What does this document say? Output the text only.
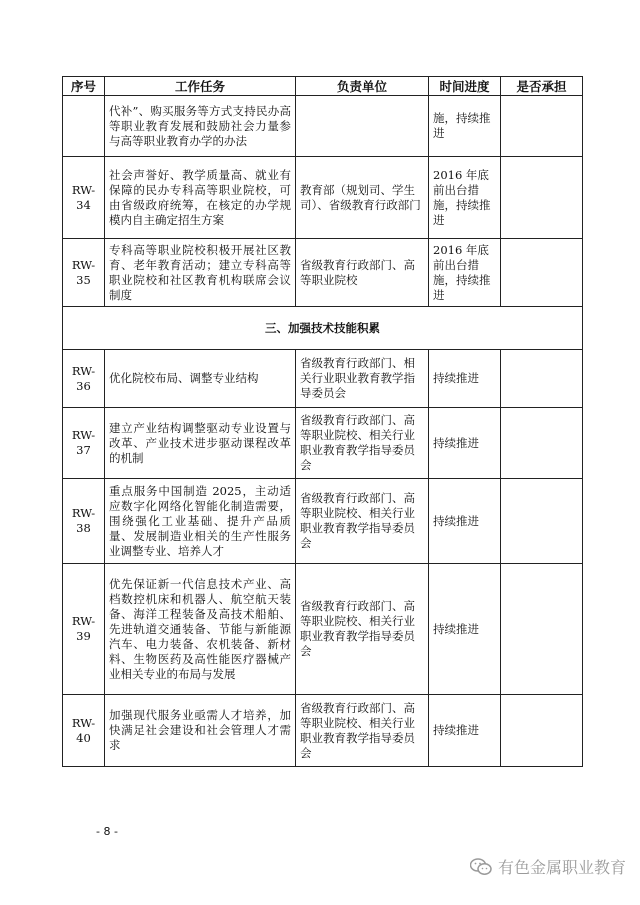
序号	工作任务	负责单位	时间进度	是否承担
	代补”、购买服务等方式支持民办高等职业教育发展和鼓励社会力量参与高等职业教育办学的办法		施，持续推进	
RW-34	社会声誉好、教学质量高、就业有保障的民办专科高等职业院校，可由省级政府统筹，在核定的办学规模内自主确定招生方案	教育部（规划司、学生司）、省级教育行政部门	2016 年底前出台措施，持续推进	
RW-35	专科高等职业院校积极开展社区教育、老年教育活动；建立专科高等职业院校和社区教育机构联席会议制度	省级教育行政部门、高等职业院校	2016 年底前出台措施，持续推进	
三、加强技术技能积累				
RW-36	优化院校布局、调整专业结构	省级教育行政部门、相关行业职业教育教学指导委员会	持续推进	
RW-37	建立产业结构调整驱动专业设置与改革、产业技术进步驱动课程改革的机制	省级教育行政部门、高等职业院校、相关行业职业教育教学指导委员会	持续推进	
RW-38	重点服务中国制造 2025，主动适应数字化网络化智能化制造需要，围绕强化工业基础、提升产品质量、发展制造业相关的生产性服务业调整专业、培养人才	省级教育行政部门、高等职业院校、相关行业职业教育教学指导委员会	持续推进	
RW-39	优先保证新一代信息技术产业、高档数控机床和机器人、航空航天装备、海洋工程装备及高技术船舶、先进轨道交通装备、节能与新能源汽车、电力装备、农机装备、新材料、生物医药及高性能医疗器械产业相关专业的布局与发展	省级教育行政部门、高等职业院校、相关行业职业教育教学指导委员会	持续推进	
RW-40	加强现代服务业亟需人才培养，加快满足社会建设和社会管理人才需求	省级教育行政部门、高等职业院校、相关行业职业教育教学指导委员会	持续推进	
- 8 -
有色金属职业教育
